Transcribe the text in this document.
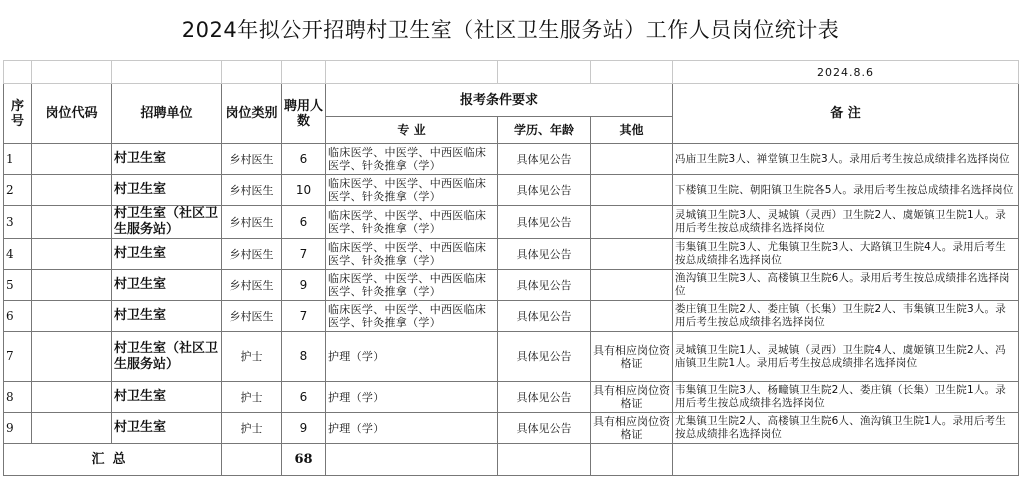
2024年拟公开招聘村卫生室（社区卫生服务站）工作人员岗位统计表
								2024.8.6
序号	岗位代码	招聘单位	岗位类别	聘用人数	报考条件要求			备 注
					专 业	学历、年龄	其他	
1		村卫生室	乡村医生	6	临床医学、中医学、中西医临床医学、针灸推拿（学）	具体见公告		冯庙卫生院3人、禅堂镇卫生院3人。录用后考生按总成绩排名选择岗位
2		村卫生室	乡村医生	10	临床医学、中医学、中西医临床医学、针灸推拿（学）	具体见公告		下楼镇卫生院、朝阳镇卫生院各5人。录用后考生按总成绩排名选择岗位
3		村卫生室（社区卫生服务站）	乡村医生	6	临床医学、中医学、中西医临床医学、针灸推拿（学）	具体见公告		灵城镇卫生院3人、灵城镇（灵西）卫生院2人、虞姬镇卫生院1人。录用后考生按总成绩排名选择岗位
4		村卫生室	乡村医生	7	临床医学、中医学、中西医临床医学、针灸推拿（学）	具体见公告		韦集镇卫生院3人、尤集镇卫生院3人、大路镇卫生院4人。录用后考生按总成绩排名选择岗位
5		村卫生室	乡村医生	9	临床医学、中医学、中西医临床医学、针灸推拿（学）	具体见公告		渔沟镇卫生院3人、高楼镇卫生院6人。录用后考生按总成绩排名选择岗位
6		村卫生室	乡村医生	7	临床医学、中医学、中西医临床医学、针灸推拿（学）	具体见公告		娄庄镇卫生院2人、娄庄镇（长集）卫生院2人、韦集镇卫生院3人。录用后考生按总成绩排名选择岗位
7		村卫生室（社区卫生服务站）	护士	8	护理（学）	具体见公告	具有相应岗位资格证	灵城镇卫生院1人、灵城镇（灵西）卫生院4人、虞姬镇卫生院2人、冯庙镇卫生院1人。录用后考生按总成绩排名选择岗位
8		村卫生室	护士	6	护理（学）	具体见公告	具有相应岗位资格证	韦集镇卫生院3人、杨疃镇卫生院2人、娄庄镇（长集）卫生院1人。录用后考生按总成绩排名选择岗位
9		村卫生室	护士	9	护理（学）	具体见公告	具有相应岗位资格证	尤集镇卫生院2人、高楼镇卫生院6人、渔沟镇卫生院1人。录用后考生按总成绩排名选择岗位
汇总				68				
